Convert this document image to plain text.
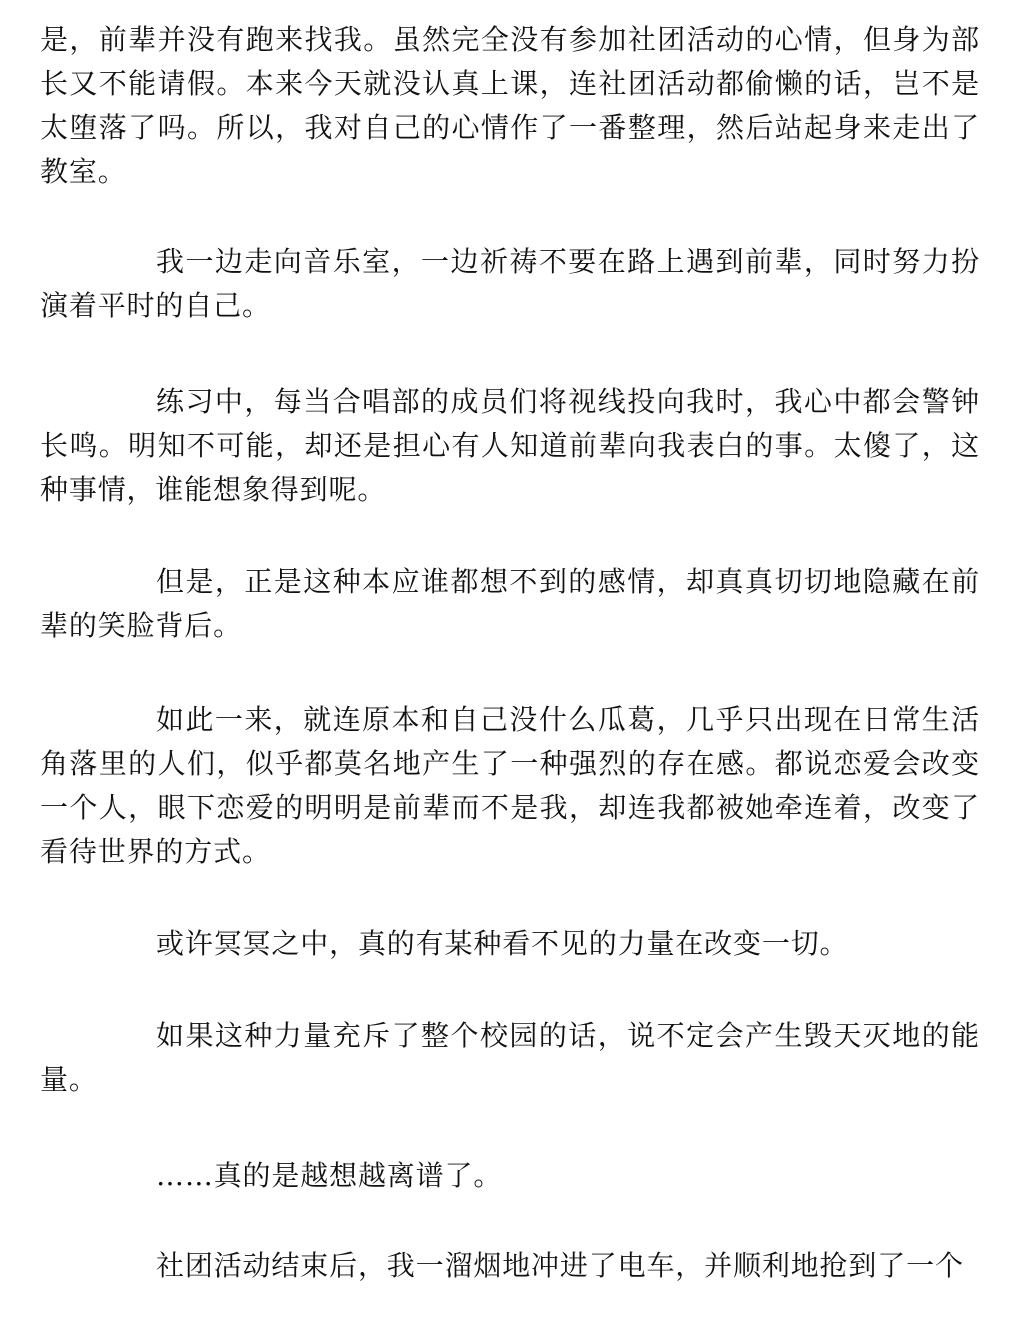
是，前辈并没有跑来找我。虽然完全没有参加社团活动的心情，但身为部长又不能请假。本来今天就没认真上课，连社团活动都偷懒的话，岂不是太堕落了吗。所以，我对自己的心情作了一番整理，然后站起身来走出了教室。

我一边走向音乐室，一边祈祷不要在路上遇到前辈，同时努力扮演着平时的自己。

练习中，每当合唱部的成员们将视线投向我时，我心中都会警钟长鸣。明知不可能，却还是担心有人知道前辈向我表白的事。太傻了，这种事情，谁能想象得到呢。

但是，正是这种本应谁都想不到的感情，却真真切切地隐藏在前辈的笑脸背后。

如此一来，就连原本和自己没什么瓜葛，几乎只出现在日常生活角落里的人们，似乎都莫名地产生了一种强烈的存在感。都说恋爱会改变一个人，眼下恋爱的明明是前辈而不是我，却连我都被她牵连着，改变了看待世界的方式。

或许冥冥之中，真的有某种看不见的力量在改变一切。

如果这种力量充斥了整个校园的话，说不定会产生毁天灭地的能量。

……真的是越想越离谱了。

社团活动结束后，我一溜烟地冲进了电车，并顺利地抢到了一个
